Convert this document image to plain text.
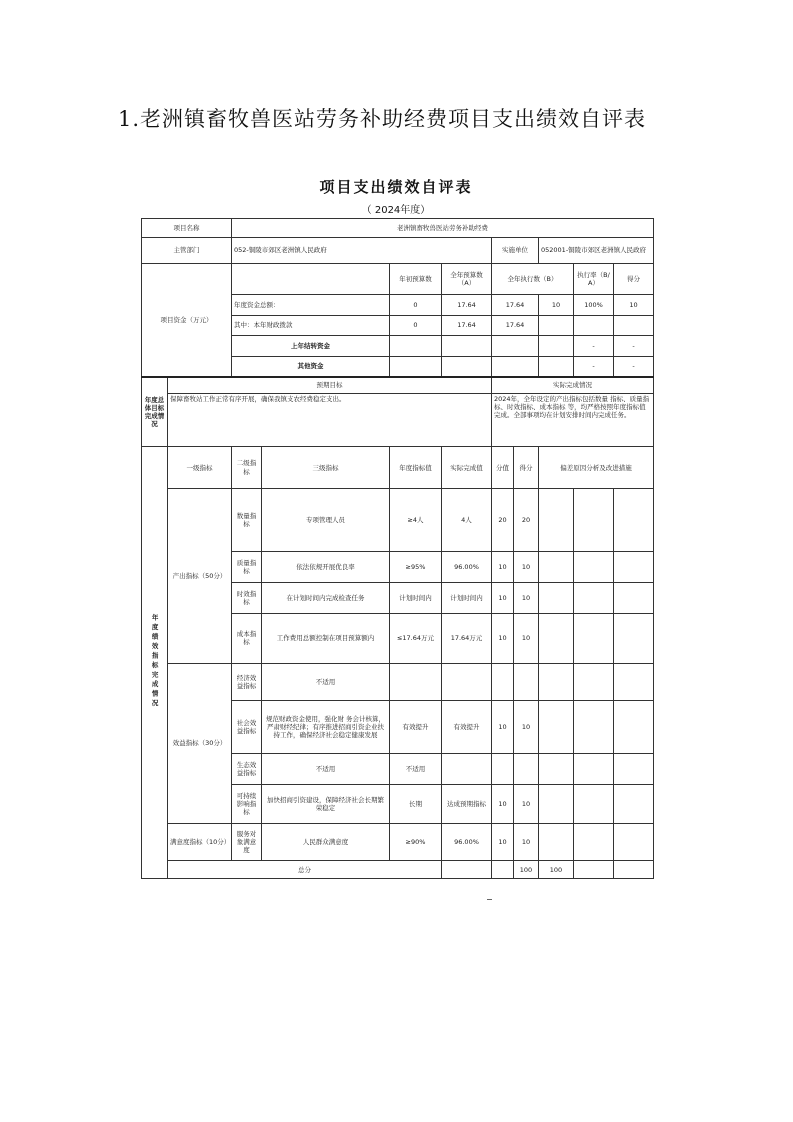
1.老洲镇畜牧兽医站劳务补助经费项目支出绩效自评表
项目支出绩效自评表
（ 2024年度）
项目名称		老洲镇畜牧兽医站劳务补助经费									
主管部门		052-铜陵市郊区老洲镇人民政府				实施单位		052001-铜陵市郊区老洲镇人民政府			
项目资金（万元）				年初预算数	全年预算数（A）	全年执行数（B）			执行率（B/A）	得分	
		年度资金总额：		0	17.64	17.64		10	100%	10	
		其中：本年财政拨款		0	17.64	17.64					
		上年结转资金							-	-	
		其他资金							-	-	
年度总体目标完成情况	预期目标					实际完成情况					
	保障畜牧站工作正常有序开展，确保我镇支农经费稳定支出。					2024年，全年设定的产出指标包括数量 指标、质量指标、时效指标、成本指标 等，均严格按照年度指标值完成。全部事项均在计划安排时间内完成任务。					
年度绩效指标完成情况	一级指标	二级指标	三级指标	年度指标值	实际完成值	分值	得分	偏差原因分析及改进措施			
	产出指标（50分）	数量指标	专项管理人员	≥4人	4人	20	20				
		质量指标	依法依规开展优良率	≥95%	96.00%	10	10				
		时效指标	在计划时间内完成检查任务	计划时间内	计划时间内	10	10				
		成本指标	工作费用总额控制在项目预算额内	≤17.64万元	17.64万元	10	10				
	效益指标（30分）	经济效益指标	不适用								
		社会效益指标	规范财政资金使用，强化财 务会计核算，严肃财经纪律；有序推进招商引资企业扶持工作，确保经济社会稳定健康发展	有效提升	有效提升	10	10				
		生态效益指标	不适用	不适用							
		可持续影响指标	加快招商引资建设，保障经济社会长期繁荣稳定	长期	达成预期指标	10	10				
	满意度指标（10分）	服务对象满意度	人民群众满意度	≥90%	96.00%	10	10				
	总分						100	100			
